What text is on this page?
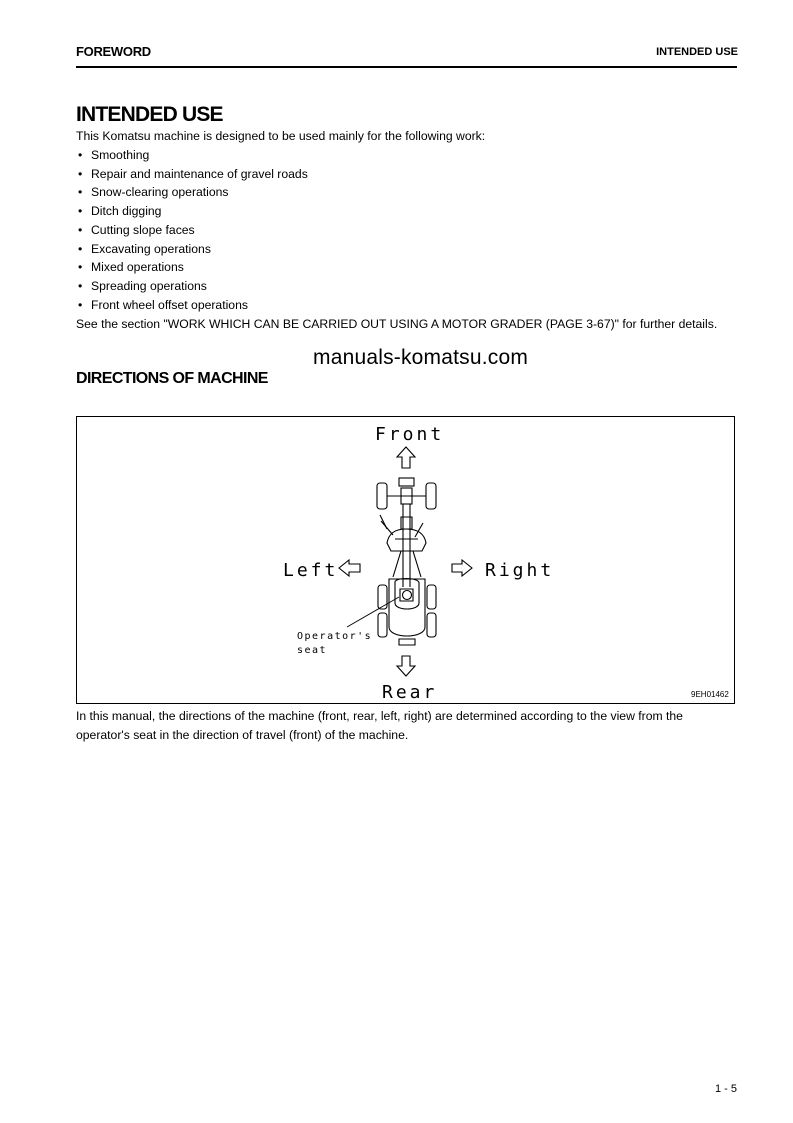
FOREWORD	INTENDED USE
INTENDED USE
This Komatsu machine is designed to be used mainly for the following work:
• Smoothing
• Repair and maintenance of gravel roads
• Snow-clearing operations
• Ditch digging
• Cutting slope faces
• Excavating operations
• Mixed operations
• Spreading operations
• Front wheel offset operations
See the section "WORK WHICH CAN BE CARRIED OUT USING A MOTOR GRADER (PAGE 3-67)" for further details.
manuals-komatsu.com
DIRECTIONS OF MACHINE
Front
Rear
Left	Right
Operator's
seat
9EH01462
In this manual, the directions of the machine (front, rear, left, right) are determined according to the view from the operator's seat in the direction of travel (front) of the machine.
1 - 5
